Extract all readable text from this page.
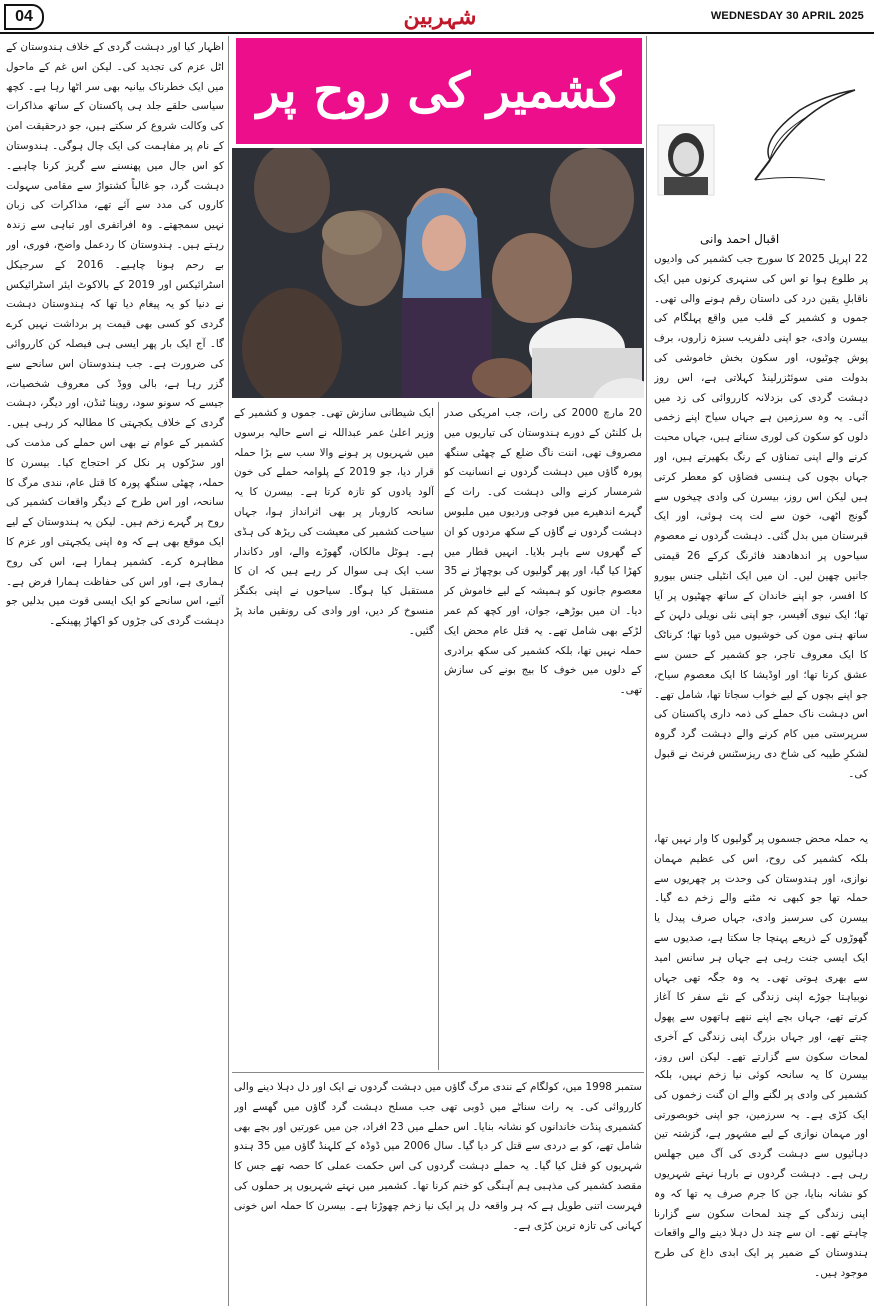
04	شہربین	WEDNESDAY 30 APRIL 2025
کشمیر کی روح پر
اقبال احمد وانی

22 اپریل 2025 کا سورج جب کشمیر کی وادیوں پر طلوع ہوا تو اس کی سنہری کرنوں میں ایک ناقابلِ یقین درد کی داستان رقم ہونے والی تھی۔ جموں و کشمیر کے قلب میں واقع پہلگام کی بیسرن وادی، جو اپنی دلفریب سبزہ زاروں، برف پوش چوٹیوں، اور سکون بخش خاموشی کی بدولت منی سوئٹزرلینڈ کہلاتی ہے، اس روز دہشت گردی کی بزدلانہ کارروائی کی زد میں آئی۔ یہ وہ سرزمین ہے جہاں سیاح اپنے زخمی دلوں کو سکون کی لوری سناتے ہیں، جہاں محبت کرنے والے اپنی تمناؤں کے رنگ بکھیرتے ہیں، اور جہاں بچوں کی ہنسی فضاؤں کو معطر کرتی ہیں لیکن اس روز، بیسرن کی وادی چیخوں سے گونج اٹھی، خون سے لت پت ہوئی، اور ایک قبرستان میں بدل گئی۔ دہشت گردوں نے معصوم سیاحوں پر اندھادھند فائرنگ کرکے 26 قیمتی جانیں چھین لیں۔ ان میں ایک انٹیلی جنس بیورو کا افسر، جو اپنے خاندان کے ساتھ چھٹیوں پر آیا تھا؛ ایک نیوی آفیسر، جو اپنی نئی نویلی دلہن کے ساتھ ہنی مون کی خوشیوں میں ڈوبا تھا؛ کرناٹک کا ایک معروف تاجر، جو کشمیر کے حسن سے عشق کرتا تھا؛ اور اوڈیشا کا ایک معصوم سیاح، جو اپنے بچوں کے لیے خواب سجاتا تھا، شامل تھے۔ اس دہشت ناک حملے کی ذمہ داری پاکستان کی سرپرستی میں کام کرنے والے دہشت گرد گروہ لشکرِ طیبہ کی شاخ دی ریزسٹنس فرنٹ نے قبول کی۔

یہ حملہ محض جسموں پر گولیوں کا وار نہیں تھا، بلکہ کشمیر کی روح، اس کی عظیم مہمان نوازی، اور ہندوستان کی وحدت پر چھریوں سے حملہ تھا جو کبھی نہ مٹنے والے زخم دے گیا۔ بیسرن کی سرسبز وادی، جہاں صرف پیدل یا گھوڑوں کے ذریعے پہنچا جا سکتا ہے، صدیوں سے ایک ایسی جنت رہی ہے جہاں ہر سانس امید سے بھری ہوتی تھی۔ یہ وہ جگہ تھی جہاں نوبیاہتا جوڑے اپنی زندگی کے نئے سفر کا آغاز کرتے تھے، جہاں بچے اپنے ننھے ہاتھوں سے پھول چنتے تھے، اور جہاں بزرگ اپنی زندگی کے آخری لمحات سکون سے گزارتے تھے۔ لیکن اس روز،

بیسرن کا یہ سانحہ کوئی نیا زخم نہیں، بلکہ کشمیر کی وادی پر لگنے والے ان گنت زخموں کی ایک کڑی ہے۔ یہ سرزمین، جو اپنی خوبصورتی اور مہمان نوازی کے لیے مشہور ہے، گزشتہ تین دہائیوں سے دہشت گردی کی آگ میں جھلس رہی ہے۔ دہشت گردوں نے بارہا نہتے شہریوں کو نشانہ بنایا، جن کا جرم صرف یہ تھا کہ وہ اپنی زندگی کے چند لمحات سکون سے گزارنا چاہتے تھے۔ ان سے چند دل دہلا دینے والے واقعات ہندوستان کے ضمیر پر ایک ابدی داغ کی طرح موجود ہیں۔

20 مارچ 2000 کی رات، جب امریکی صدر بل کلنٹن کے دورے ہندوستان کی تیاریوں میں مصروف تھی، اننت ناگ ضلع کے چھٹی سنگھ پورہ گاؤں میں دہشت گردوں نے انسانیت کو شرمسار کرنے والی دہشت کی۔ رات کے گہرے اندھیرے میں فوجی وردیوں میں ملبوس دہشت گردوں نے گاؤں کے سکھ مردوں کو ان کے گھروں سے باہر بلایا۔ انہیں قطار میں کھڑا کیا گیا، اور پھر گولیوں کی بوچھاڑ نے 35 معصوم جانوں کو ہمیشہ کے لیے خاموش کر دیا۔ ان میں بوڑھے، جوان، اور کچھ کم عمر لڑکے بھی شامل تھے۔ یہ قتل عام محض ایک حملہ نہیں تھا، بلکہ کشمیر کی سکھ برادری کے دلوں میں خوف کا بیج بونے کی سازش تھی۔

ایک شیطانی سازش تھی۔ جموں و کشمیر کے وزیر اعلیٰ عمر عبداللہ نے اسے حالیہ برسوں میں شہریوں پر ہونے والا سب سے بڑا حملہ قرار دیا، جو 2019 کے پلوامہ حملے کی خون آلود یادوں کو تازہ کرتا ہے۔ بیسرن کا یہ سانحہ کاروبار پر بھی اثرانداز ہوا، جہاں سیاحت کشمیر کی معیشت کی ریڑھ کی ہڈی ہے۔ ہوٹل مالکان، گھوڑے والے، اور دکاندار سب ایک ہی سوال کر رہے ہیں کہ ان کا مستقبل کیا ہوگا۔ سیاحوں نے اپنی بکنگز منسوخ کر دیں، اور وادی کی رونقیں ماند پڑ گئیں۔

ستمبر 1998 میں، کولگام کے نندی مرگ گاؤں میں دہشت گردوں نے ایک اور دل دہلا دینے والی کارروائی کی۔ یہ رات سناٹے میں ڈوبی تھی جب مسلح دہشت گرد گاؤں میں گھسے اور کشمیری پنڈت خاندانوں کو نشانہ بنایا۔ اس حملے میں 23 افراد، جن میں عورتیں اور بچے بھی شامل تھے، کو بے دردی سے قتل کر دیا گیا۔ سال 2006 میں ڈوڈہ کے کلہنڈ گاؤں میں 35 ہندو شہریوں کو قتل کیا گیا۔ یہ حملے دہشت گردوں کی اس حکمت عملی کا حصہ تھے جس کا مقصد کشمیر کی مذہبی ہم آہنگی کو ختم کرنا تھا۔ کشمیر میں نہتے شہریوں پر حملوں کی فہرست اتنی طویل ہے کہ ہر واقعہ دل پر ایک نیا زخم چھوڑتا ہے۔ بیسرن کا حملہ اس خونی کہانی کی تازہ ترین کڑی ہے۔

اظہار کیا اور دہشت گردی کے خلاف ہندوستان کے اٹل عزم کی تجدید کی۔ لیکن اس غم کے ماحول میں ایک خطرناک بیانیہ بھی سر اٹھا رہا ہے۔ کچھ سیاسی حلقے جلد ہی پاکستان کے ساتھ مذاکرات کی وکالت شروع کر سکتے ہیں، جو درحقیقت امن کے نام پر مفاہمت کی ایک چال ہوگی۔ ہندوستان کو اس جال میں پھنسنے سے گریز کرنا چاہیے۔ دہشت گرد، جو غالباً کشتواڑ سے مقامی سہولت کاروں کی مدد سے آئے تھے، مذاکرات کی زبان نہیں سمجھتے۔ وہ افراتفری اور تباہی سے زندہ رہتے ہیں۔ ہندوستان کا ردعمل واضح، فوری، اور بے رحم ہونا چاہیے۔ 2016 کے سرجیکل اسٹرائیکس اور 2019 کے بالاکوٹ ایئر اسٹرائیکس نے دنیا کو یہ پیغام دیا تھا کہ ہندوستان دہشت گردی کو کسی بھی قیمت پر برداشت نہیں کرے گا۔ آج ایک بار پھر ایسی ہی فیصلہ کن کارروائی کی ضرورت ہے۔ جب ہندوستان اس سانحے سے گزر رہا ہے، بالی ووڈ کی معروف شخصیات، جیسے کہ سونو سود، روینا ٹنڈن، اور دیگر، دہشت گردی کے خلاف یکجہتی کا مطالبہ کر رہی ہیں۔ کشمیر کے عوام نے بھی اس حملے کی مذمت کی اور سڑکوں پر نکل کر احتجاج کیا۔ بیسرن کا حملہ، چھٹی سنگھ پورہ کا قتل عام، نندی مرگ کا سانحہ، اور اس طرح کے دیگر واقعات کشمیر کی روح پر گہرے زخم ہیں۔ لیکن یہ ہندوستان کے لیے ایک موقع بھی ہے کہ وہ اپنی یکجہتی اور عزم کا مظاہرہ کرے۔ کشمیر ہمارا ہے، اس کی روح ہماری ہے، اور اس کی حفاظت ہمارا فرض ہے۔ آئیے، اس سانحے کو ایک ایسی قوت میں بدلیں جو دہشت گردی کی جڑوں کو اکھاڑ پھینکے۔
